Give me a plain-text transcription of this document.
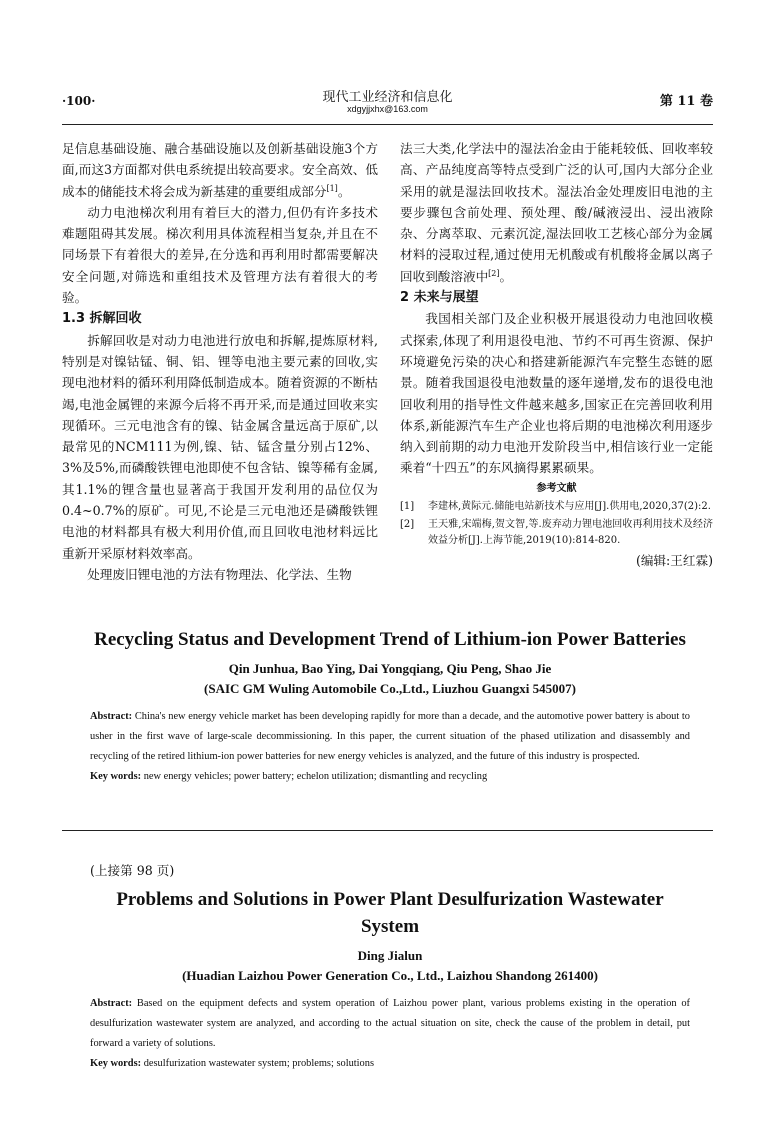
·100·	现代工业经济和信息化
xdgyjjxhx@163.com	第 11 卷

足信息基础设施、融合基础设施以及创新基础设施3个方面,而这3方面都对供电系统提出较高要求。安全高效、低成本的储能技术将会成为新基建的重要组成部分[1]。

动力电池梯次利用有着巨大的潜力,但仍有许多技术难题阻碍其发展。梯次利用具体流程相当复杂,并且在不同场景下有着很大的差异,在分选和再利用时都需要解决安全问题,对筛选和重组技术及管理方法有着很大的考验。

1.3 拆解回收

拆解回收是对动力电池进行放电和拆解,提炼原材料,特别是对镍钴锰、铜、铝、锂等电池主要元素的回收,实现电池材料的循环利用降低制造成本。随着资源的不断枯竭,电池金属锂的来源今后将不再开采,而是通过回收来实现循环。三元电池含有的镍、钴金属含量远高于原矿,以最常见的NCM111为例,镍、钴、锰含量分别占12%、3%及5%,而磷酸铁锂电池即使不包含钴、镍等稀有金属,其1.1%的锂含量也显著高于我国开发利用的品位仅为0.4~0.7%的原矿。可见,不论是三元电池还是磷酸铁锂电池的材料都具有极大利用价值,而且回收电池材料远比重新开采原材料效率高。

处理废旧锂电池的方法有物理法、化学法、生物

法三大类,化学法中的湿法冶金由于能耗较低、回收率较高、产品纯度高等特点受到广泛的认可,国内大部分企业采用的就是湿法回收技术。湿法冶金处理废旧电池的主要步骤包含前处理、预处理、酸/碱液浸出、浸出液除杂、分离萃取、元素沉淀,湿法回收工艺核心部分为金属材料的浸取过程,通过使用无机酸或有机酸将金属以离子回收到酸溶液中[2]。

2 未来与展望

我国相关部门及企业积极开展退役动力电池回收模式探索,体现了利用退役电池、节约不可再生资源、保护环境避免污染的决心和搭建新能源汽车完整生态链的愿景。随着我国退役电池数量的逐年递增,发布的退役电池回收利用的指导性文件越来越多,国家正在完善回收利用体系,新能源汽车生产企业也将后期的电池梯次利用逐步纳入到前期的动力电池开发阶段当中,相信该行业一定能乘着“十四五”的东风摘得累累硕果。

参考文献
[1]	李建林,黄际元.储能电站新技术与应用[J].供用电,2020,37(2):2.
[2]	王天雅,宋端梅,贺文智,等.废弃动力锂电池回收再利用技术及经济效益分析[J].上海节能,2019(10):814-820.
(编辑:王红霖)

Recycling Status and Development Trend of Lithium-ion Power Batteries

Qin Junhua, Bao Ying, Dai Yongqiang, Qiu Peng, Shao Jie

(SAIC GM Wuling Automobile Co.,Ltd., Liuzhou Guangxi 545007)

Abstract: China's new energy vehicle market has been developing rapidly for more than a decade, and the automotive power battery is about to usher in the first wave of large-scale decommissioning. In this paper, the current situation of the phased utilization and disassembly and recycling of the retired lithium-ion power batteries for new energy vehicles is analyzed, and the future of this industry is prospected.

Key words: new energy vehicles; power battery; echelon utilization; dismantling and recycling

(上接第 98 页)

Problems and Solutions in Power Plant Desulfurization Wastewater System

Ding Jialun

(Huadian Laizhou Power Generation Co., Ltd., Laizhou Shandong 261400)

Abstract: Based on the equipment defects and system operation of Laizhou power plant, various problems existing in the operation of desulfurization wastewater system are analyzed, and according to the actual situation on site, check the cause of the problem in detail, put forward a variety of solutions.

Key words: desulfurization wastewater system; problems; solutions
